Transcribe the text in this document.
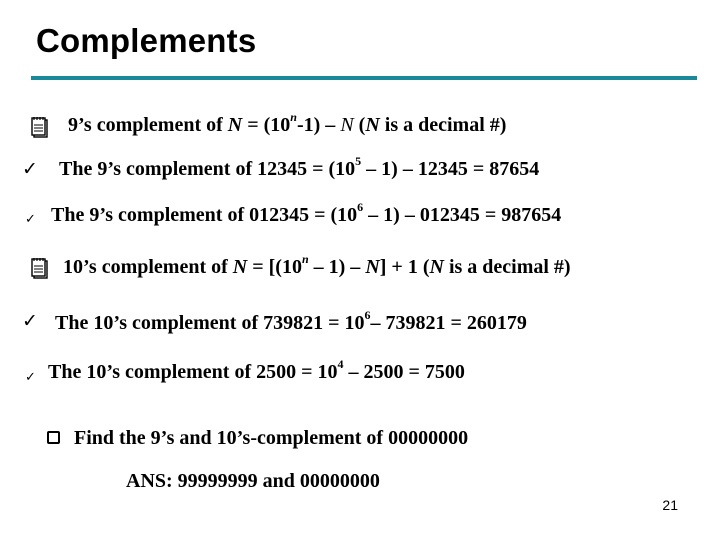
Complements
9’s complement of $N = (10^n-1) - N$ (N is a decimal #)
✓ The 9’s complement of $12345 = (10^5 - 1) - 12345 = 87654$
✓ The 9’s complement of $012345 = (10^6 - 1) - 012345 = 987654$
10’s complement of $N = [(10^n - 1) - N] + 1$ (N is a decimal #)
✓ The 10’s complement of $739821 = 10^6-$ 739821 = 260179
✓ The 10’s complement of $2500 = 10^4 - 2500 = 7500$
Find the 9’s and 10’s-complement of 00000000
ANS: 99999999 and 00000000
21
